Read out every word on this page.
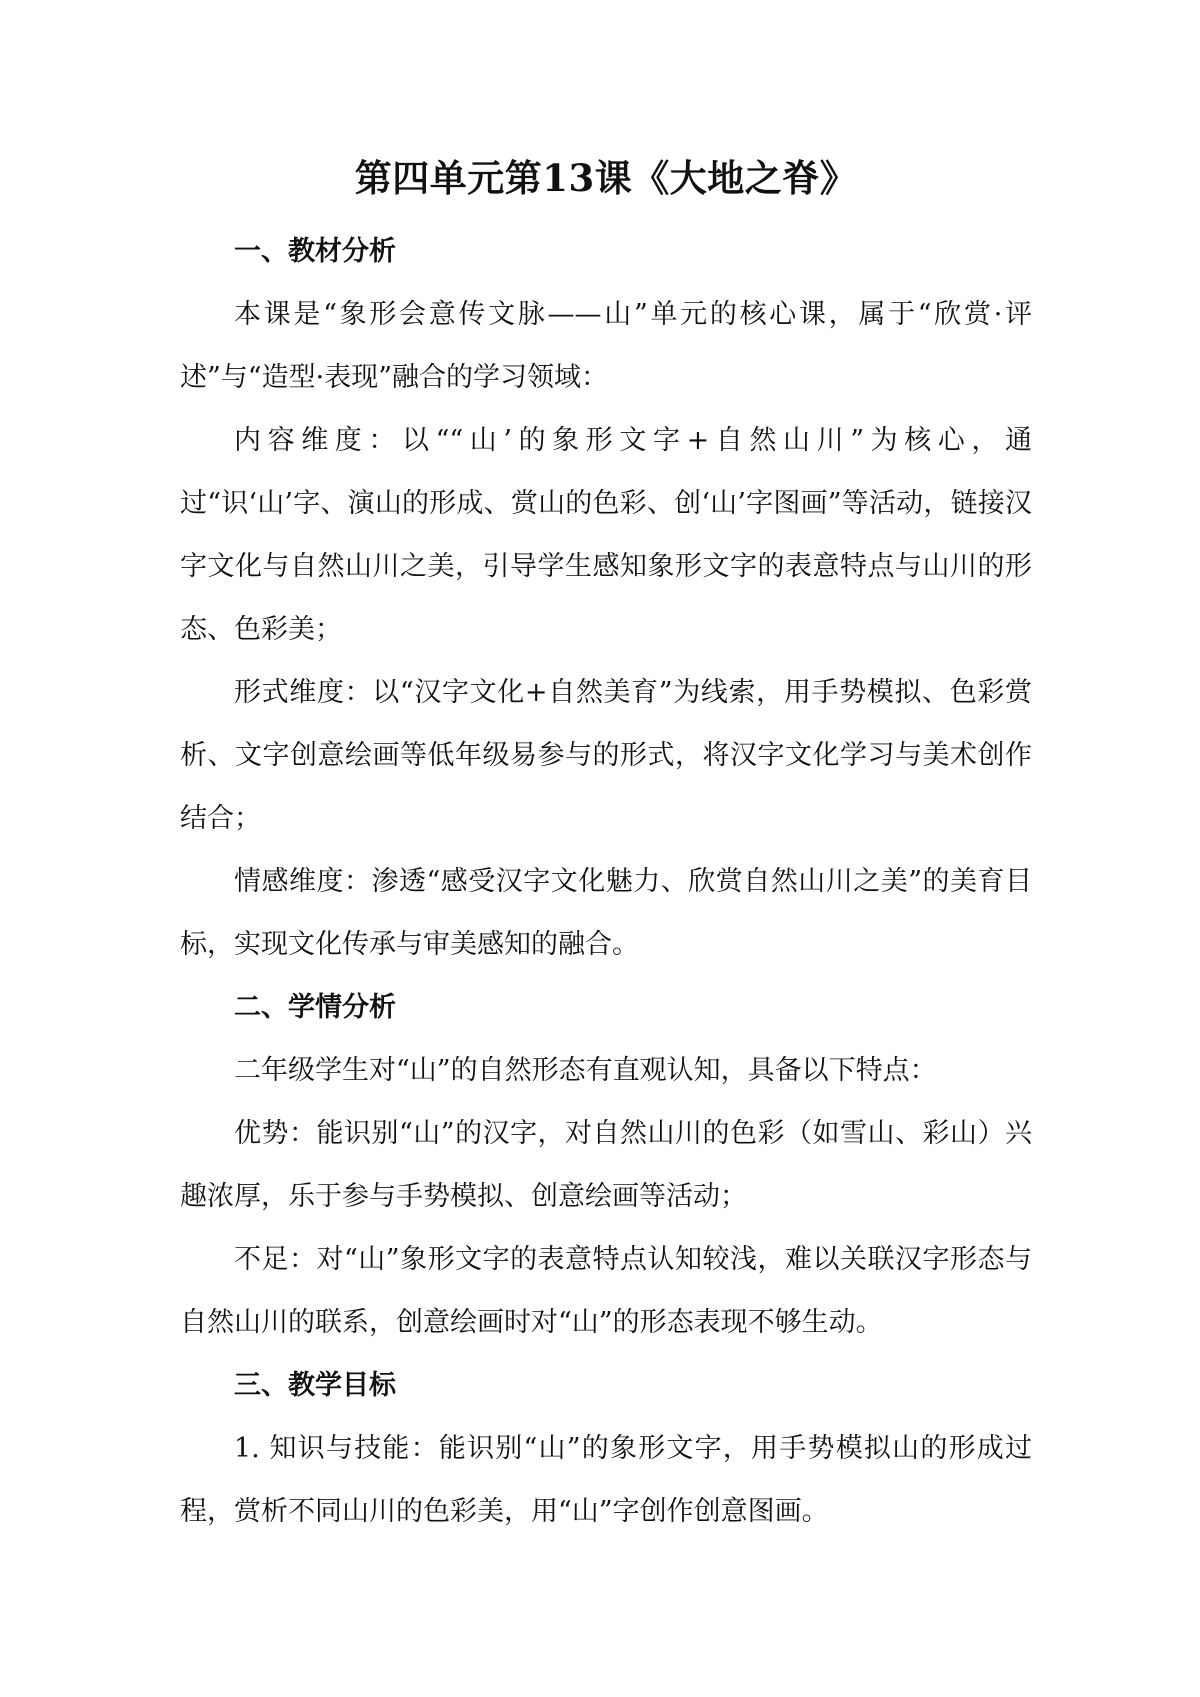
第四单元第13课《大地之脊》
一、教材分析

本课是“象形会意传文脉——山”单元的核心课，属于“欣赏·评述”与“造型·表现”融合的学习领域：

内容维度：以““山’的象形文字+自然山川”为核心，通过“识‘山’字、演山的形成、赏山的色彩、创‘山’字图画”等活动，链接汉字文化与自然山川之美，引导学生感知象形文字的表意特点与山川的形态、色彩美；

形式维度：以“汉字文化+自然美育”为线索，用手势模拟、色彩赏析、文字创意绘画等低年级易参与的形式，将汉字文化学习与美术创作结合；

情感维度：渗透“感受汉字文化魅力、欣赏自然山川之美”的美育目标，实现文化传承与审美感知的融合。

二、学情分析

二年级学生对“山”的自然形态有直观认知，具备以下特点：

优势：能识别“山”的汉字，对自然山川的色彩（如雪山、彩山）兴趣浓厚，乐于参与手势模拟、创意绘画等活动；

不足：对“山”象形文字的表意特点认知较浅，难以关联汉字形态与自然山川的联系，创意绘画时对“山”的形态表现不够生动。

三、教学目标

1. 知识与技能：能识别“山”的象形文字，用手势模拟山的形成过程，赏析不同山川的色彩美，用“山”字创作创意图画。
